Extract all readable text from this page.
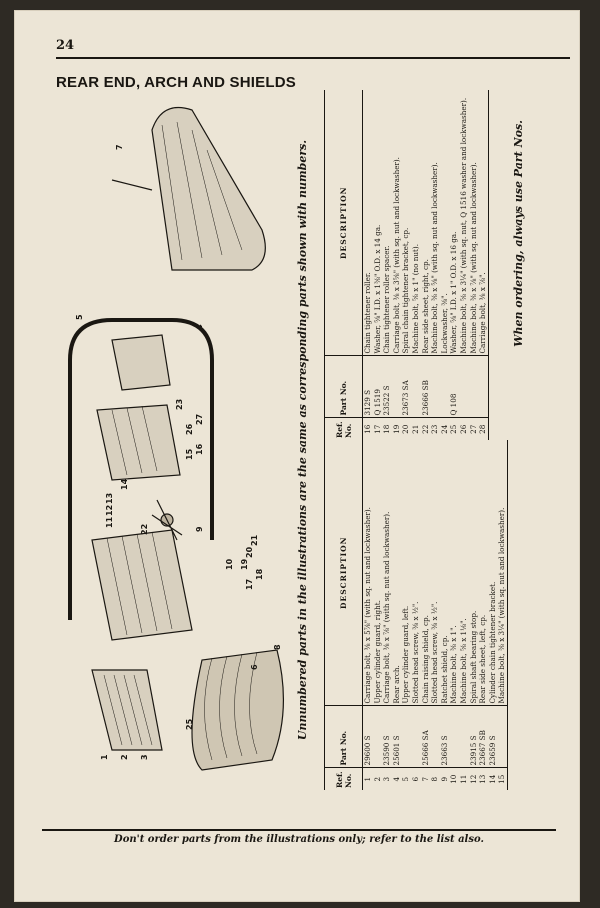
24
REAR END, ARCH AND SHIELDS
1 2 3
4
5
6
7
8
9
10
11
12
13
14
15 16
17
18
19
20
21
22
23
25
26
27	Unnumbered parts in the illustrations are the same as corresponding parts shown with numbers.
Ref. No.	Part No.	DESCRIPTION
1	29600 S	Carriage bolt, ⅜ x 5⅞" (with sq. nut and lockwasher).
2		Upper cylinder guard, right.
3	23590 S	Carriage bolt, ⅜ x ⅞" (with sq. nut and lockwasher).
4	25601 S	Rear arch.
5		Upper cylinder guard, left.
6		Slotted head screw, ⅜ x ½".
7	25666 SA	Chain raising shield, cp.
8		Slotted head screw, ⅜ x ½".
9	23663 S	Ratchet shield, cp.
10		Machine bolt, ⅜ x 1".
11		Machine bolt, ⅝ x 1⅛".
12	23915 S	Spiral shaft bearing stop.
13	23667 SB	Rear side sheet, left, cp.
14	23659 S	Cylinder chain tightener bracket.
15		Machine bolt, ⅜ x 3¼" (with sq. nut and lockwasher).
Ref. No.	Part No.	DESCRIPTION
16	3129 S	Chain tightener roller.
17	Q 1519	Washer, ⅝" I.D. x 1⅜" O.D. x 14 ga.
18	23522 S	Chain tightener roller spacer.
19		Carriage bolt, ⅜ x 3⅝" (with sq. nut and lockwasher).
20	23673 SA	Spiral chain tightener bracket, cp.
21		Machine bolt, ⅝ x 1" (no nut).
22	23666 SB	Rear side sheet, right, cp.
23		Machine bolt, ⅜ x ⅝" (with sq. nut and lockwasher).
24		Lockwasher, ⅜".
25	Q 108	Washer, ⅝" I.D. x 1" O.D. x 16 ga.
26		Machine bolt, ⅝ x 3¼" (with sq. nut, Q 1516 washer and lockwasher).
27		Machine bolt, ⅜ x ⅞" (with sq. nut and lockwasher).
28		Carriage bolt, ⅜ x ⅞". When ordering, always use Part Nos.
Don't order parts from the illustrations only; refer to the list also.
